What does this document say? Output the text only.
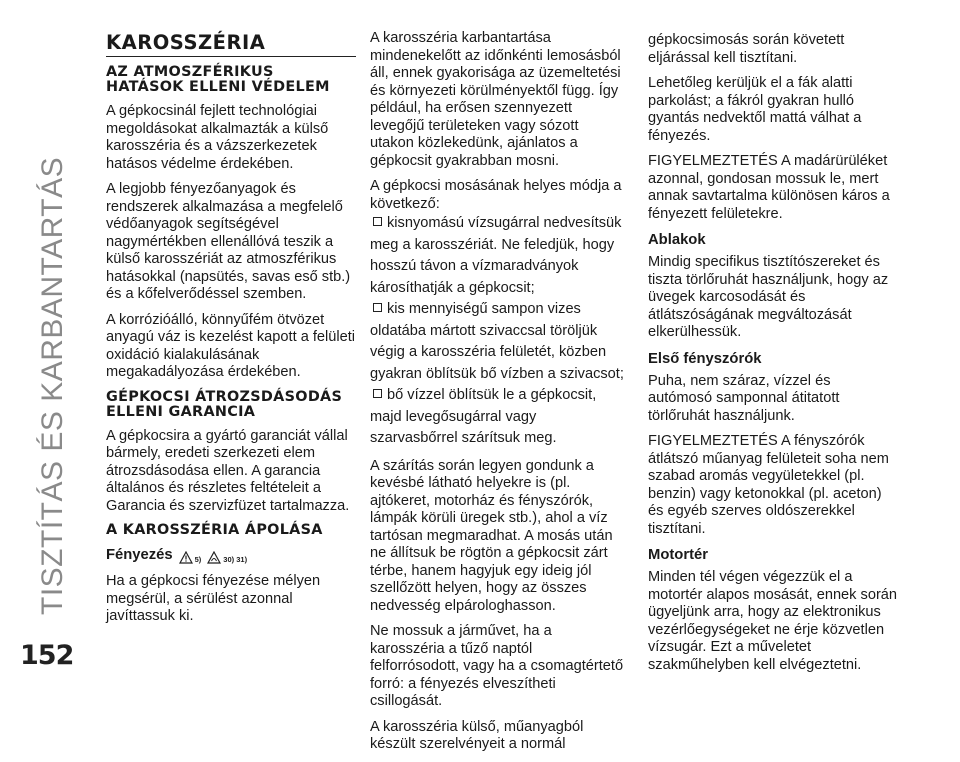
TISZTÍTÁS ÉS KARBANTARTÁS
152
KAROSSZÉRIA
AZ ATMOSZFÉRIKUS HATÁSOK ELLENI VÉDELEM

A gépkocsinál fejlett technológiai megoldásokat alkalmazták a külső karosszéria és a vázszerkezetek hatásos védelme érdekében.

A legjobb fényezőanyagok és rendszerek alkalmazása a megfelelő védőanyagok segítségével nagymértékben ellenállóvá teszik a külső karosszériát az atmoszférikus hatásokkal (napsütés, savas eső stb.) és a kőfelverődéssel szemben.

A korrózióálló, könnyűfém ötvözet anyagú váz is kezelést kapott a felületi oxidáció kialakulásának megakadályozása érdekében.

GÉPKOCSI ÁTROZSDÁSODÁS ELLENI GARANCIA

A gépkocsira a gyártó garanciát vállal bármely, eredeti szerkezeti elem átrozsdásodása ellen. A garancia általános és részletes feltételeit a Garancia és szervizfüzet tartalmazza.

A KAROSSZÉRIA ÁPOLÁSA
Fényezés	5)	30) 31)

Ha a gépkocsi fényezése mélyen megsérül, a sérülést azonnal javíttassuk ki.

A karosszéria karbantartása mindenekelőtt az időnkénti lemosásból áll, ennek gyakorisága az üzemeltetési és környezeti körülményektől függ. Így például, ha erősen szennyezett levegőjű területeken vagy sózott utakon közlekedünk, ajánlatos a gépkocsit gyakrabban mosni.

A gépkocsi mosásának helyes módja a következő:

kisnyomású vízsugárral nedvesítsük meg a karosszériát. Ne feledjük, hogy hosszú távon a vízmaradványok károsíthatják a gépkocsit;

kis mennyiségű sampon vizes oldatába mártott szivaccsal töröljük végig a karosszéria felületét, közben gyakran öblítsük bő vízben a szivacsot;

bő vízzel öblítsük le a gépkocsit, majd levegősugárral vagy szarvasbőrrel szárítsuk meg.

A szárítás során legyen gondunk a kevésbé látható helyekre is (pl. ajtókeret, motorház és fényszórók, lámpák körüli üregek stb.), ahol a víz tartósan megmaradhat. A mosás után ne állítsuk be rögtön a gépkocsit zárt térbe, hanem hagyjuk egy ideig jól szellőzött helyen, hogy az összes nedvesség elpárologhasson.

Ne mossuk a járművet, ha a karosszéria a tűző naptól felforrósodott, vagy ha a csomagtértető forró: a fényezés elveszítheti csillogását.

A karosszéria külső, műanyagból készült szerelvényeit a normál

gépkocsimosás során követett eljárással kell tisztítani.

Lehetőleg kerüljük el a fák alatti parkolást; a fákról gyakran hulló gyantás nedvektől mattá válhat a fényezés.

FIGYELMEZTETÉS A madárürüléket azonnal, gondosan mossuk le, mert annak savtartalma különösen káros a fényezett felületekre.

Ablakok

Mindig specifikus tisztítószereket és tiszta törlőruhát használjunk, hogy az üvegek karcosodását és átlátszóságának megváltozását elkerülhessük.

Első fényszórók

Puha, nem száraz, vízzel és autómosó samponnal átitatott törlőruhát használjunk.

FIGYELMEZTETÉS A fényszórók átlátszó műanyag felületeit soha nem szabad aromás vegyületekkel (pl. benzin) vagy ketonokkal (pl. aceton) és egyéb szerves oldószerekkel tisztítani.

Motortér

Minden tél végen végezzük el a motortér alapos mosását, ennek során ügyeljünk arra, hogy az elektronikus vezérlőegységeket ne érje közvetlen vízsugár. Ezt a műveletet szakműhelyben kell elvégeztetni.
